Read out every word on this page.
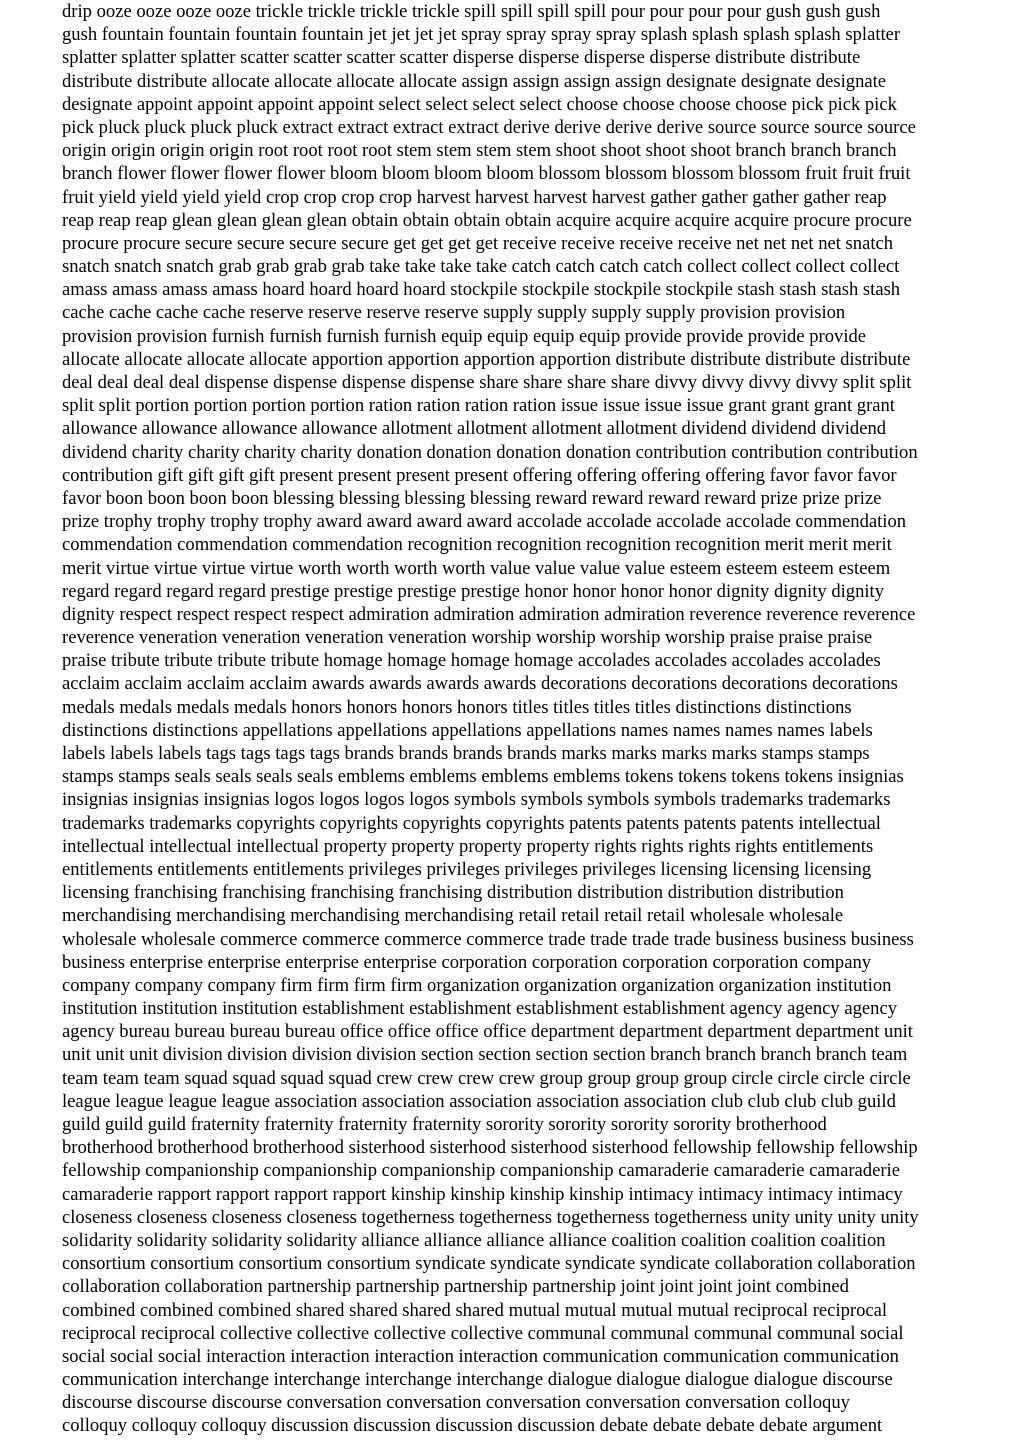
drip ooze ooze ooze ooze trickle trickle trickle trickle spill spill spill spill pour pour pour pour gush gush gush
gush fountain fountain fountain fountain jet jet jet jet spray spray spray spray splash splash splash splash splatter
splatter splatter splatter scatter scatter scatter scatter disperse disperse disperse disperse distribute distribute
distribute distribute allocate allocate allocate allocate assign assign assign assign designate designate designate
designate appoint appoint appoint appoint select select select select choose choose choose choose pick pick pick
pick pluck pluck pluck pluck extract extract extract extract derive derive derive derive source source source source
origin origin origin origin root root root root stem stem stem stem shoot shoot shoot shoot branch branch branch
branch flower flower flower flower bloom bloom bloom bloom blossom blossom blossom blossom fruit fruit fruit
fruit yield yield yield yield crop crop crop crop harvest harvest harvest harvest gather gather gather gather reap
reap reap reap glean glean glean glean obtain obtain obtain obtain acquire acquire acquire acquire procure procure
procure procure secure secure secure secure get get get get receive receive receive receive net net net net snatch
snatch snatch snatch grab grab grab grab take take take take catch catch catch catch collect collect collect collect
amass amass amass amass hoard hoard hoard hoard stockpile stockpile stockpile stockpile stash stash stash stash
cache cache cache cache reserve reserve reserve reserve supply supply supply supply provision provision
provision provision furnish furnish furnish furnish equip equip equip equip provide provide provide provide
allocate allocate allocate allocate apportion apportion apportion apportion distribute distribute distribute distribute
deal deal deal deal dispense dispense dispense dispense share share share share divvy divvy divvy divvy split split
split split portion portion portion portion ration ration ration ration issue issue issue issue grant grant grant grant
allowance allowance allowance allowance allotment allotment allotment allotment dividend dividend dividend
dividend charity charity charity charity donation donation donation donation contribution contribution contribution
contribution gift gift gift gift present present present present offering offering offering offering favor favor favor
favor boon boon boon boon blessing blessing blessing blessing reward reward reward reward prize prize prize
prize trophy trophy trophy trophy award award award award accolade accolade accolade accolade commendation
commendation commendation commendation recognition recognition recognition recognition merit merit merit
merit virtue virtue virtue virtue worth worth worth worth value value value value esteem esteem esteem esteem
regard regard regard regard prestige prestige prestige prestige honor honor honor honor dignity dignity dignity
dignity respect respect respect respect admiration admiration admiration admiration reverence reverence reverence
reverence veneration veneration veneration veneration worship worship worship worship praise praise praise
praise tribute tribute tribute tribute homage homage homage homage accolades accolades accolades accolades
acclaim acclaim acclaim acclaim awards awards awards awards decorations decorations decorations decorations
medals medals medals medals honors honors honors honors titles titles titles titles distinctions distinctions
distinctions distinctions appellations appellations appellations appellations names names names names labels
labels labels labels tags tags tags tags brands brands brands brands marks marks marks marks stamps stamps
stamps stamps seals seals seals seals emblems emblems emblems emblems tokens tokens tokens tokens insignias
insignias insignias insignias logos logos logos logos symbols symbols symbols symbols trademarks trademarks
trademarks trademarks copyrights copyrights copyrights copyrights patents patents patents patents intellectual
intellectual intellectual intellectual property property property property rights rights rights rights entitlements
entitlements entitlements entitlements privileges privileges privileges privileges licensing licensing licensing
licensing franchising franchising franchising franchising distribution distribution distribution distribution
merchandising merchandising merchandising merchandising retail retail retail retail wholesale wholesale
wholesale wholesale commerce commerce commerce commerce trade trade trade trade business business business
business enterprise enterprise enterprise enterprise corporation corporation corporation corporation company
company company company firm firm firm firm organization organization organization organization institution
institution institution institution establishment establishment establishment establishment agency agency agency
agency bureau bureau bureau bureau office office office office department department department department unit
unit unit unit division division division division section section section section branch branch branch branch team
team team team squad squad squad squad crew crew crew crew group group group group circle circle circle circle
league league league league association association association association association club club club club guild
guild guild guild fraternity fraternity fraternity fraternity sorority sorority sorority sorority brotherhood
brotherhood brotherhood brotherhood sisterhood sisterhood sisterhood sisterhood fellowship fellowship fellowship
fellowship companionship companionship companionship companionship camaraderie camaraderie camaraderie
camaraderie rapport rapport rapport rapport kinship kinship kinship kinship intimacy intimacy intimacy intimacy
closeness closeness closeness closeness togetherness togetherness togetherness togetherness unity unity unity unity
solidarity solidarity solidarity solidarity alliance alliance alliance alliance coalition coalition coalition coalition
consortium consortium consortium consortium syndicate syndicate syndicate syndicate collaboration collaboration
collaboration collaboration partnership partnership partnership partnership joint joint joint joint combined
combined combined combined shared shared shared shared mutual mutual mutual mutual reciprocal reciprocal
reciprocal reciprocal collective collective collective collective communal communal communal communal social
social social social interaction interaction interaction interaction communication communication communication
communication interchange interchange interchange interchange dialogue dialogue dialogue dialogue discourse
discourse discourse discourse conversation conversation conversation conversation conversation colloquy
colloquy colloquy colloquy discussion discussion discussion discussion debate debate debate debate argument
